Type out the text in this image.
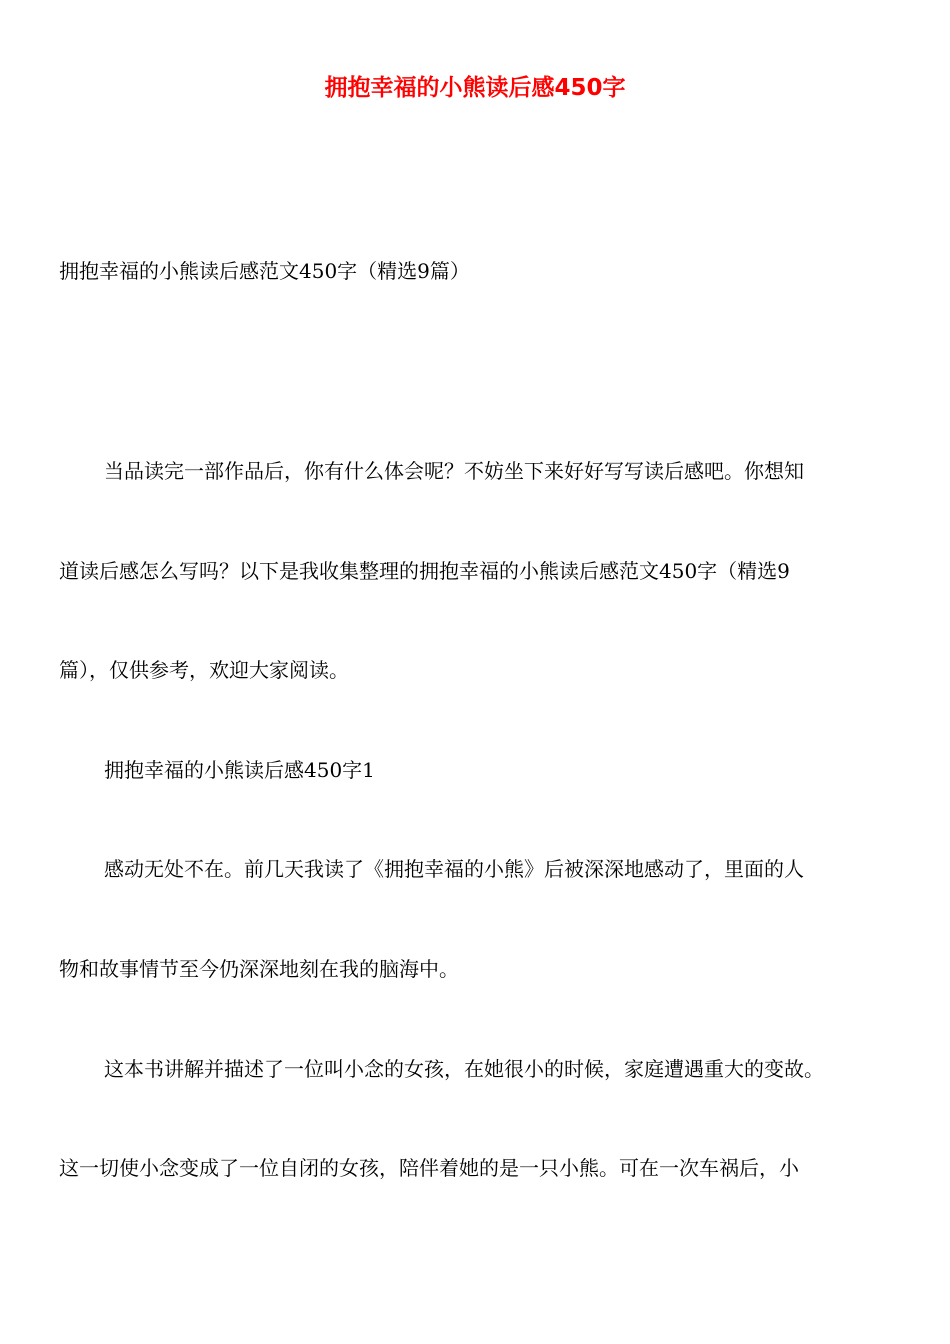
拥抱幸福的小熊读后感450字
拥抱幸福的小熊读后感范文450字（精选9篇）
当品读完一部作品后，你有什么体会呢？不妨坐下来好好写写读后感吧。你想知
道读后感怎么写吗？以下是我收集整理的拥抱幸福的小熊读后感范文450字（精选9
篇），仅供参考，欢迎大家阅读。
拥抱幸福的小熊读后感450字1
感动无处不在。前几天我读了《拥抱幸福的小熊》后被深深地感动了，里面的人
物和故事情节至今仍深深地刻在我的脑海中。
这本书讲解并描述了一位叫小念的女孩，在她很小的时候，家庭遭遇重大的变故。
这一切使小念变成了一位自闭的女孩，陪伴着她的是一只小熊。可在一次车祸后，小
